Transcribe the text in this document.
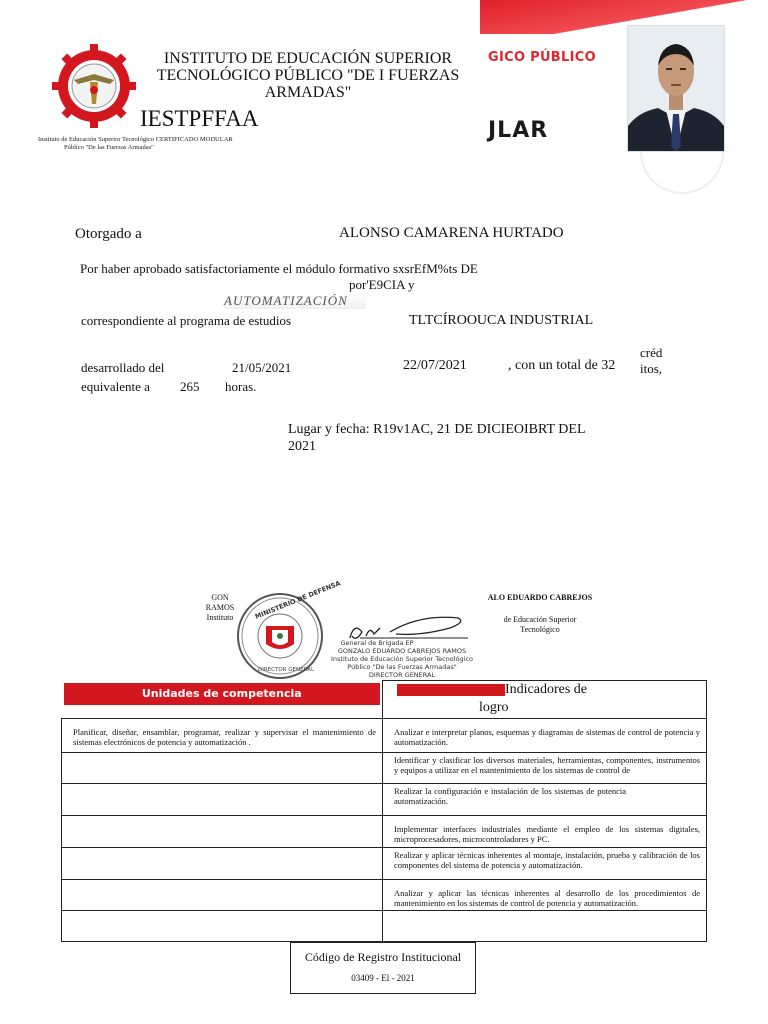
GICO PÚBLICO
JLAR
INSTITUTO DE EDUCACIÓN SUPERIOR TECNOLÓGICO PÚBLICO "DE I FUERZAS ARMADAS"
IESTPFFAA
Instituto de Educación Superior Tecnológico CERTIFICADO MODULAR
Público "De las Fuerzas Armadas"
Otorgado a	ALONSO CAMARENA HURTADO
Por haber aprobado satisfactoriamente el módulo formativo sxsrEfM%ts DE
por'E9CIA y
AUTOMATIZACIÓN
correspondiente al programa de estudios	TLTCÍROOUCA INDUSTRIAL
desarrollado del	21/05/2021	22/07/2021	, con un total de 32
créd
itos,
equivalente a 265 horas.
Lugar y fecha: R19v1AC, 21 DE DICIEOIBRT DEL
2021
GON
RAMOS
Instituto	MINISTERIO DE DEFENSA
DIRECTOR GENERAL
General de Brigada EP
GONZALO EDUARDO CABREJOS RAMOS
Instituto de Educación Superior Tecnológico
Público "De las Fuerzas Armadas"
DIRECTOR GENERAL
ALO EDUARDO CABREJOS
de Educación Superior
Tecnológico
Unidades de competencia	Indicadores de
logro

Planificar, diseñar, ensamblar, programar, realizar y supervisar el mantenimiento de sistemas electrónicos de potencia y automatización .	Analizar e interpretar planos, esquemas y diagramas de sistemas de control de potencia y automatización.

	Identificar y clasificar los diversos materiales, herramientas, componentes, instrumentos y equipos a utilizar en el mantenimiento de los sistemas de control de

	Realizar la configuración e instalación de los sistemas de potencia automatización.

	Implementar interfaces industriales mediante el empleo de los sistemas digitales, microprocesadores, microcontroladores y PC.

	Realizar y aplicar técnicas inherentes al montaje, instalación, prueba y calibración de los componentes del sistema de potencia y automatización.

	Analizar y aplicar las técnicas inherentes al desarrollo de los procedimientos de mantenimiento en los sistemas de control de potencia y automatización.

Código de Registro Institucional
03409 - El - 2021
